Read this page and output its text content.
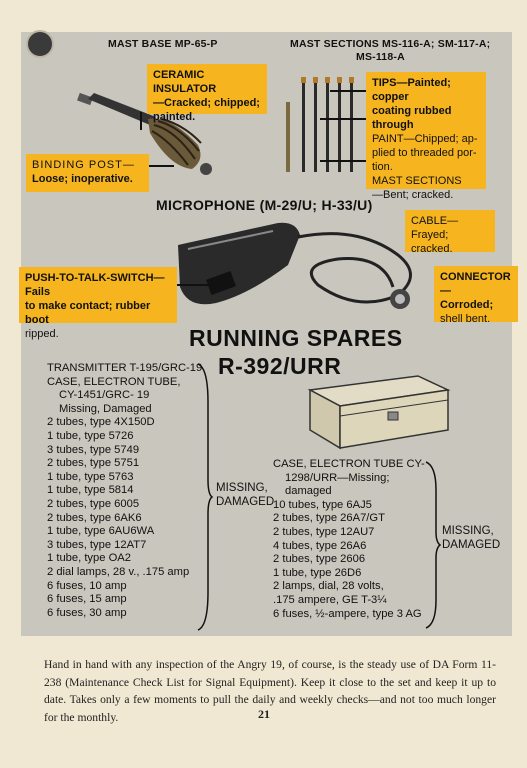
MAST BASE MP-65-P	MAST SECTIONS MS-116-A; SM-117-A;
MS-118-A
CERAMIC INSULATOR
—Cracked; chipped;
painted.
BINDING POST—
Loose; inoperative.
TIPS—Painted; copper
coating rubbed through
PAINT—Chipped; ap-
plied to threaded por-
tion.
MAST SECTIONS
—Bent; cracked.
MICROPHONE (M-29/U; H-33/U)
CABLE—Frayed;
cracked.
PUSH-TO-TALK-SWITCH—Fails
to make contact; rubber boot
ripped.
CONNECTOR—
Corroded;
shell bent.
RUNNING SPARES
R-392/URR
TRANSMITTER T-195/GRC-19
CASE, ELECTRON TUBE,
CY-1451/GRC- 19
Missing, Damaged
2 tubes, type 4X150D
1 tube, type 5726
3 tubes, type 5749
2 tubes, type 5751
1 tube, type 5763
1 tube, type 5814
2 tubes, type 6005
2 tubes, type 6AK6
1 tube, type 6AU6WA
3 tubes, type 12AT7
1 tube, type OA2
2 dial lamps, 28 v., .175 amp
6 fuses, 10 amp
6 fuses, 15 amp
6 fuses, 30 amp
MISSING,
DAMAGED
CASE, ELECTRON TUBE CY-
1298/URR—Missing;
damaged
10 tubes, type 6AJ5
2 tubes, type 26A7/GT
2 tubes, type 12AU7
4 tubes, type 26A6
2 tubes, type 2606
1 tube, type 26D6
2 lamps, dial, 28 volts,
.175 ampere, GE T-3¼
6 fuses, ½-ampere, type 3 AG
MISSING,
DAMAGED
Hand in hand with any inspection of the Angry 19, of course, is the steady use of DA Form 11-238 (Maintenance Check List for Signal Equipment). Keep it close to the set and keep it up to date. Takes only a few moments to pull the daily and weekly checks—and not too much longer for the monthly.	21
